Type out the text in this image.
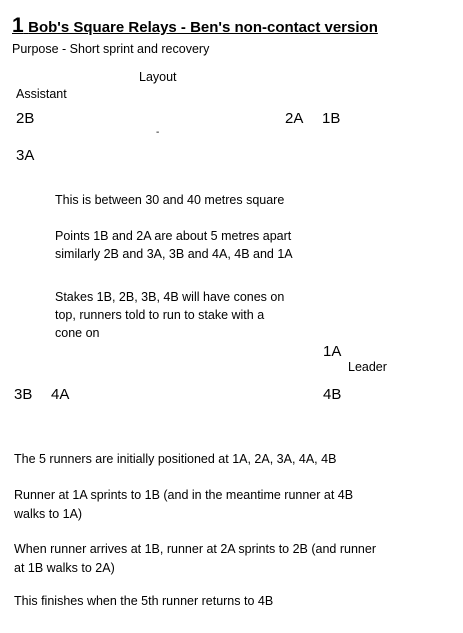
1 Bob's Square Relays - Ben's non-contact version
Purpose - Short sprint and recovery
Layout
Assistant
2B
-
2A 1B
3A
This is between 30 and 40 metres square
Points 1B and 2A are about 5 metres apart
similarly 2B and 3A, 3B and 4A, 4B and 1A
Stakes 1B, 2B, 3B, 4B will have cones on
top, runners told to run to stake with a
cone on
1A
Leader
3B 4A	4B
The 5 runners are initially positioned at 1A, 2A, 3A, 4A, 4B
Runner at 1A sprints to 1B (and in the meantime runner at 4B
walks to 1A)
When runner arrives at 1B, runner at 2A sprints to 2B (and runner
at 1B walks to 2A)
This finishes when the 5th runner returns to 4B
